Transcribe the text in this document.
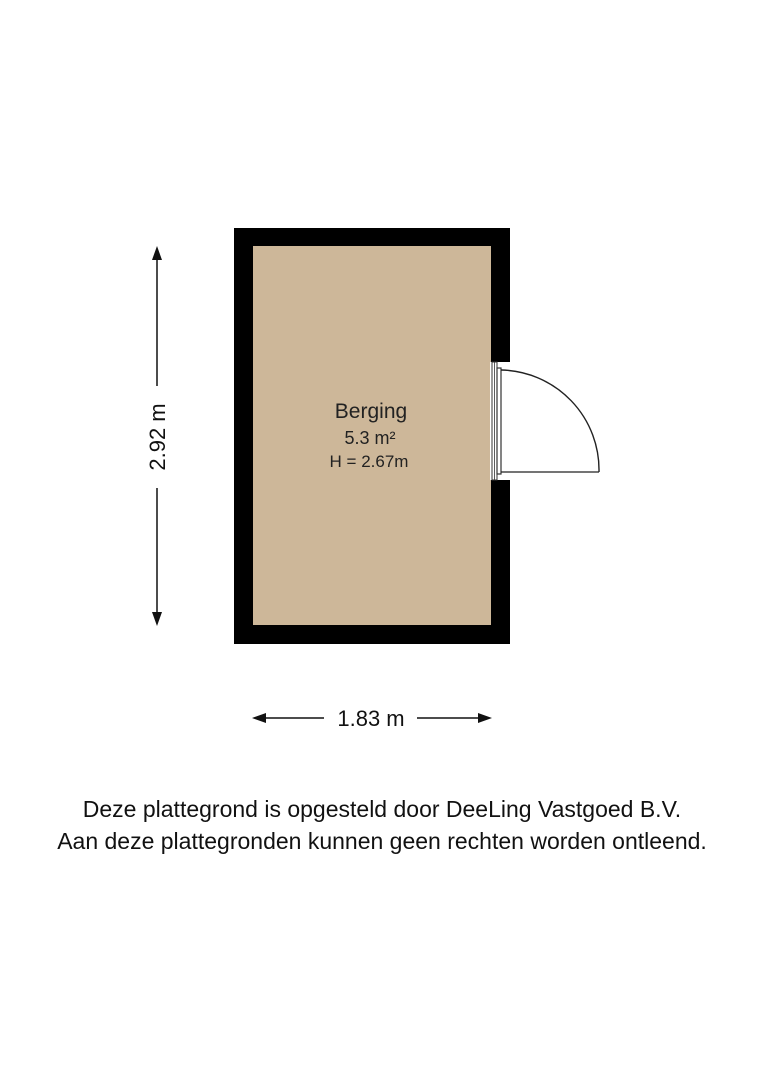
Berging
5.3 m²
H = 2.67m
2.92 m
1.83 m
Deze plattegrond is opgesteld door DeeLing Vastgoed B.V.
Aan deze plattegronden kunnen geen rechten worden ontleend.
